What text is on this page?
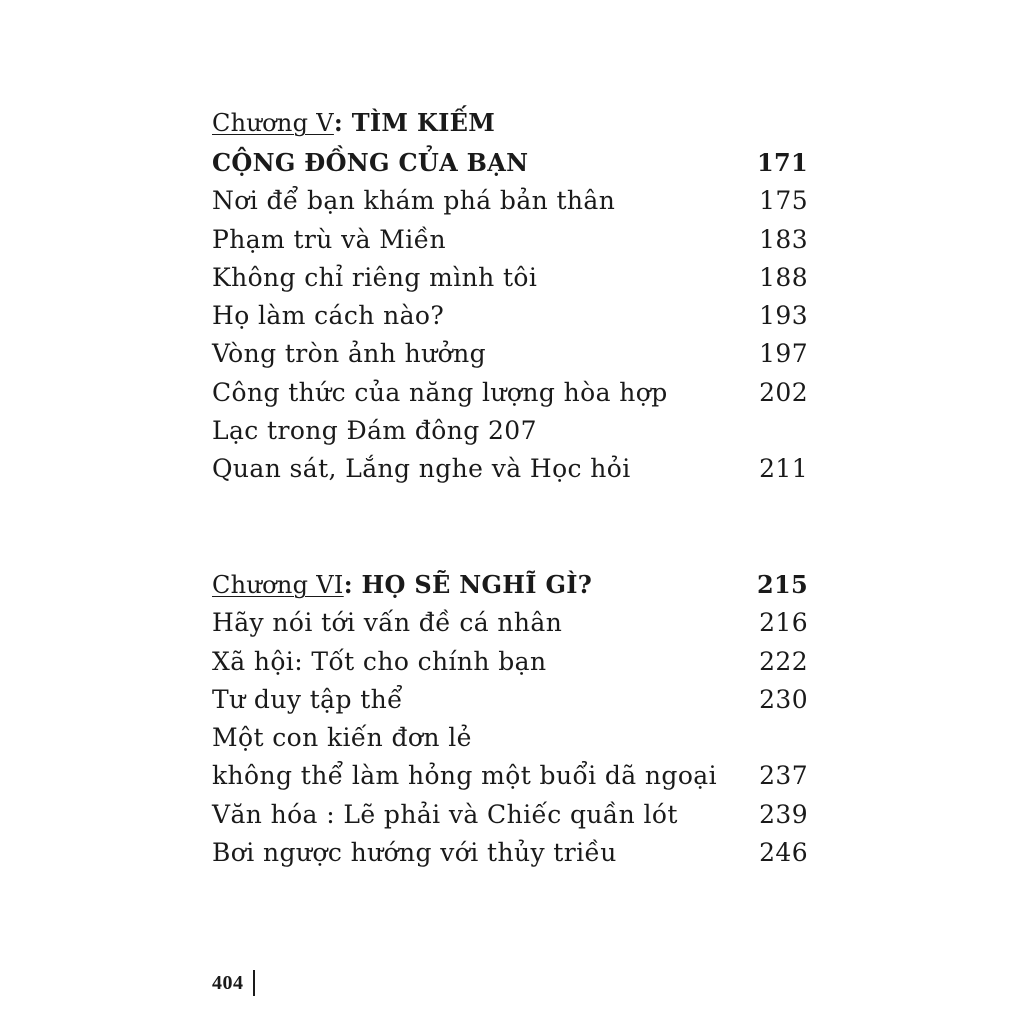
Chương V: TÌM KIẾM
CỘNG ĐỒNG CỦA BẠN	171
Nơi để bạn khám phá bản thân	175
Phạm trù và Miền	183
Không chỉ riêng mình tôi	188
Họ làm cách nào?	193
Vòng tròn ảnh hưởng	197
Công thức của năng lượng hòa hợp	202
Lạc trong Đám đông 207
Quan sát, Lắng nghe và Học hỏi	211
Chương VI: HỌ SẼ NGHĨ GÌ?	215
Hãy nói tới vấn đề cá nhân	216
Xã hội: Tốt cho chính bạn	222
Tư duy tập thể	230
Một con kiến đơn lẻ
không thể làm hỏng một buổi dã ngoại	237
Văn hóa : Lẽ phải và Chiếc quần lót	239
Bơi ngược hướng với thủy triều	246
404
